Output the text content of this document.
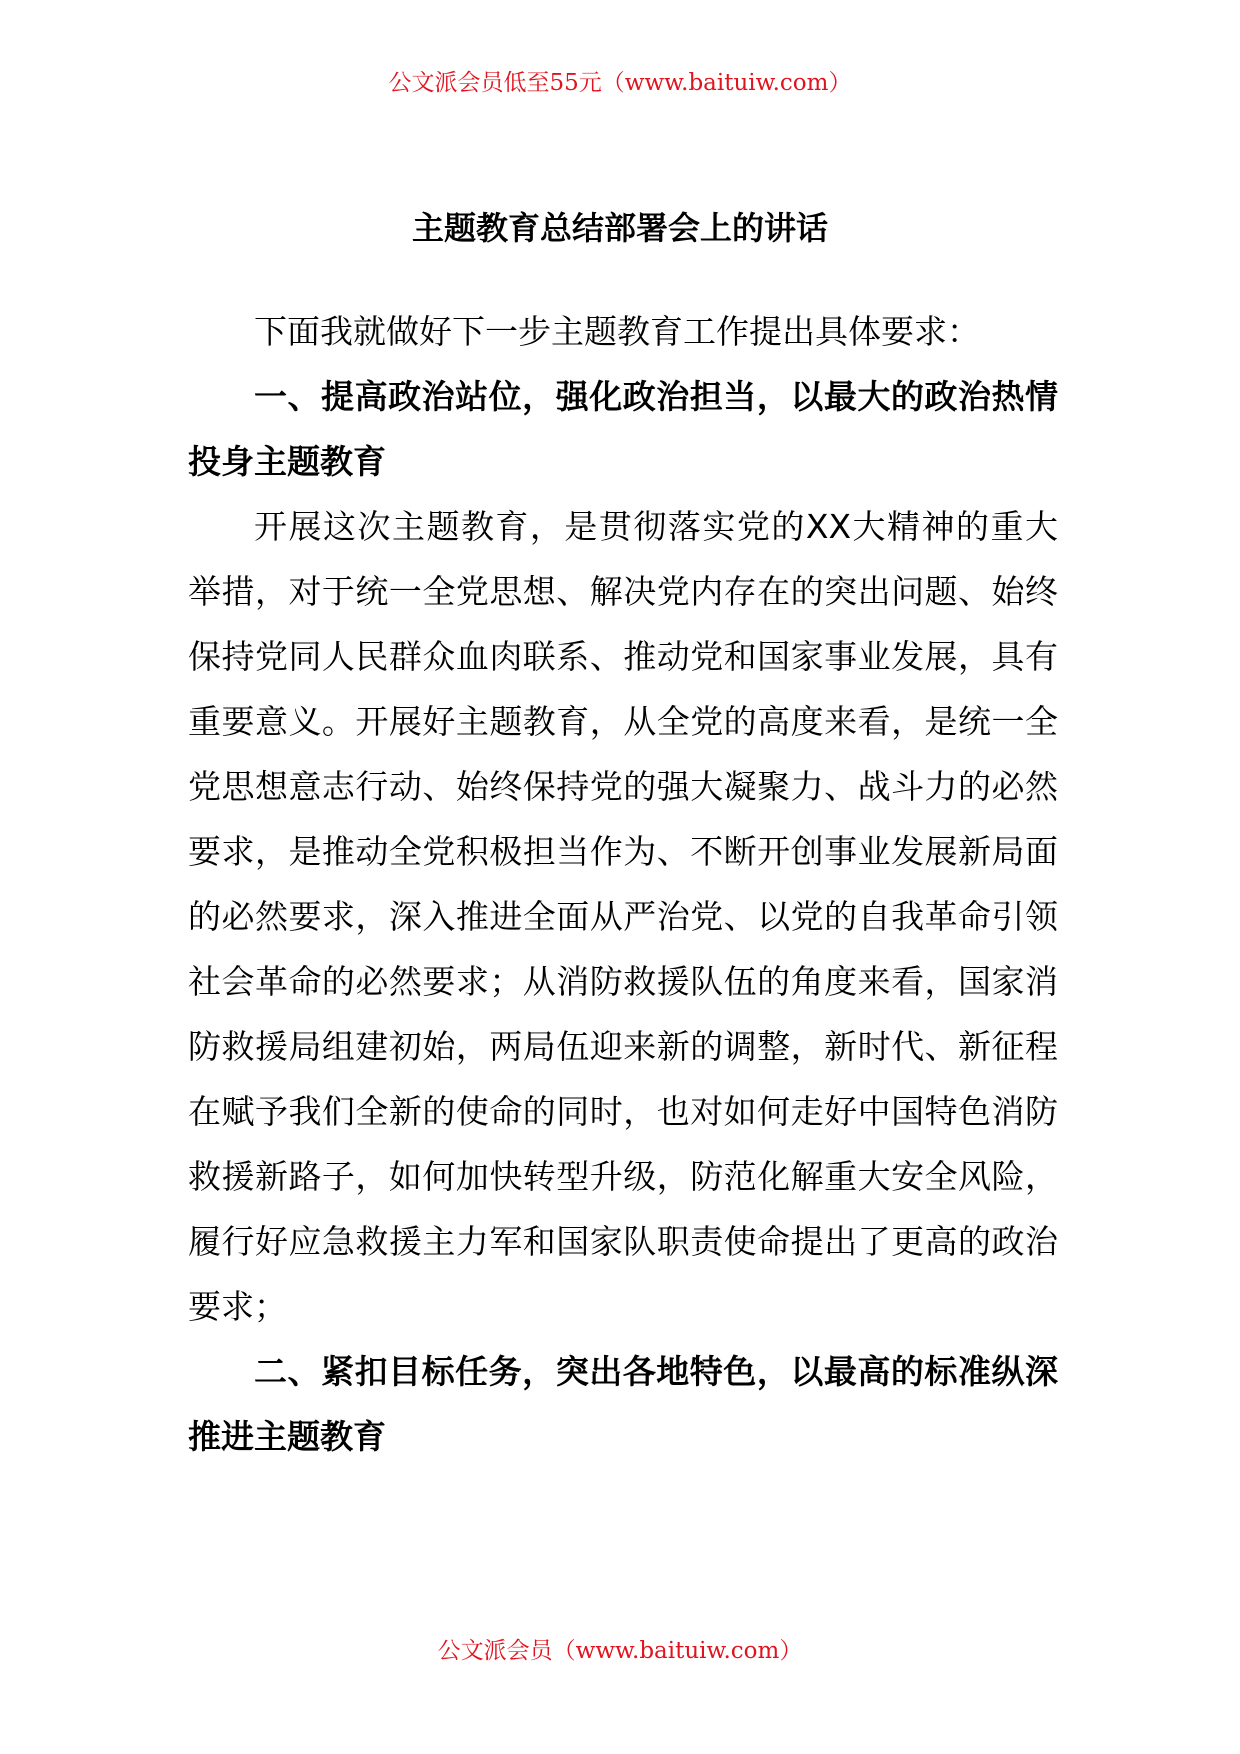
公文派会员低至55元（www.baituiw.com）
主题教育总结部署会上的讲话

下面我就做好下一步主题教育工作提出具体要求：

一、提高政治站位，强化政治担当，以最大的政治热情投身主题教育

开展这次主题教育，是贯彻落实党的XX大精神的重大举措，对于统一全党思想、解决党内存在的突出问题、始终保持党同人民群众血肉联系、推动党和国家事业发展，具有重要意义。开展好主题教育，从全党的高度来看，是统一全党思想意志行动、始终保持党的强大凝聚力、战斗力的必然要求，是推动全党积极担当作为、不断开创事业发展新局面的必然要求，深入推进全面从严治党、以党的自我革命引领社会革命的必然要求；从消防救援队伍的角度来看，国家消防救援局组建初始，两局伍迎来新的调整，新时代、新征程在赋予我们全新的使命的同时，也对如何走好中国特色消防救援新路子，如何加快转型升级，防范化解重大安全风险，履行好应急救援主力军和国家队职责使命提出了更高的政治要求；

二、紧扣目标任务，突出各地特色，以最高的标准纵深推进主题教育

公文派会员（www.baituiw.com）
